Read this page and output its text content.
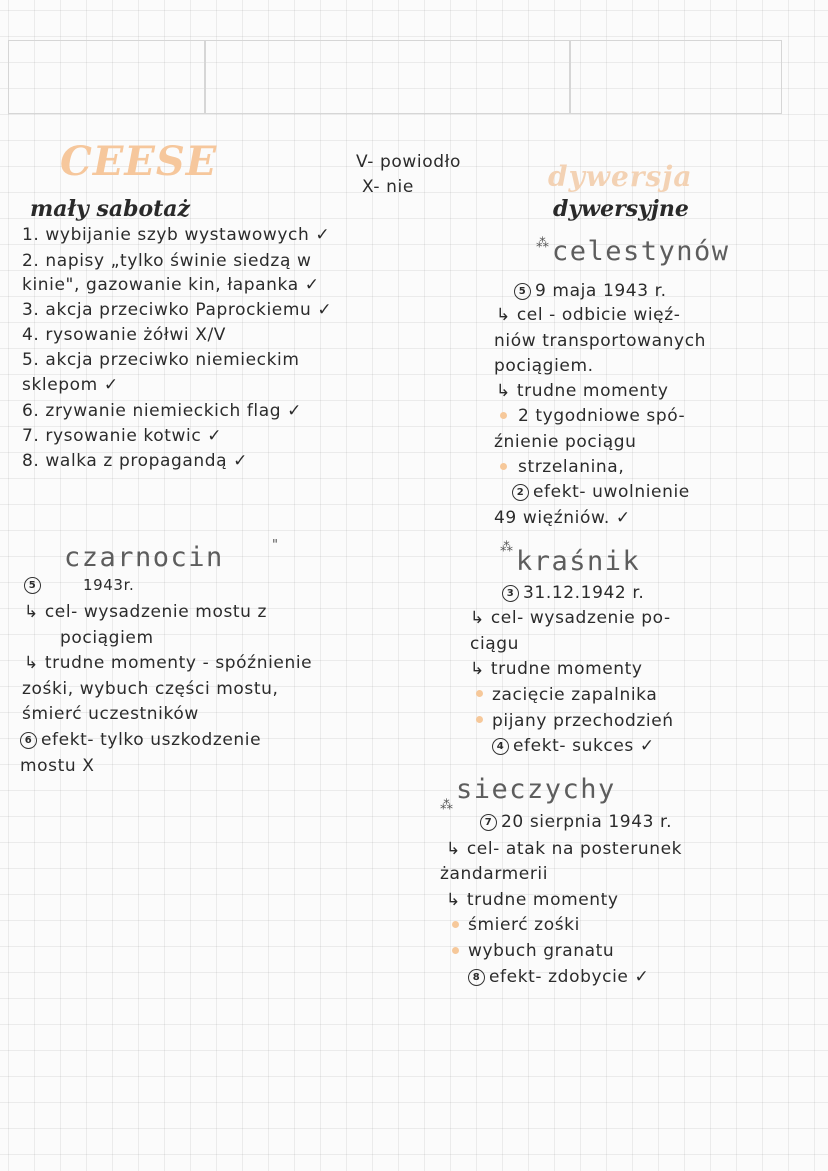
CEESE	V- powiodło
X- nie
mały sabotaż
1. wybijanie szyb wystawowych ✓
2. napisy „tylko świnie siedzą w
kinie", gazowanie kin, łapanka ✓
3. akcja przeciwko Paprockiemu ✓
4. rysowanie żółwi X/V
5. akcja przeciwko niemieckim
sklepom ✓
6. zrywanie niemieckich flag ✓
7. rysowanie kotwic ✓
8. walka z propagandą ✓
dywersja
dywersyjne
⁂ celestynów
5 9 maja 1943 r.
↳ cel - odbicie więź-
niów transportowanych
pociągiem.
↳ trudne momenty
2 tygodniowe spó-
źnienie pociągu
strzelanina,
2 efekt- uwolnienie
49 więźniów. ✓
czarnocin	"
5	1943r.
↳ cel- wysadzenie mostu z
pociągiem
↳ trudne momenty - spóźnienie
zośki, wybuch części mostu,
śmierć uczestników
6 efekt- tylko uszkodzenie
mostu X
⁂ kraśnik
3 31.12.1942 r.
↳ cel- wysadzenie po-
ciągu
↳ trudne momenty
zacięcie zapalnika
pijany przechodzień
4 efekt- sukces ✓
⁂
sieczychy
7 20 sierpnia 1943 r.
↳ cel- atak na posterunek
żandarmerii
↳ trudne momenty
śmierć zośki
wybuch granatu
8 efekt- zdobycie ✓
